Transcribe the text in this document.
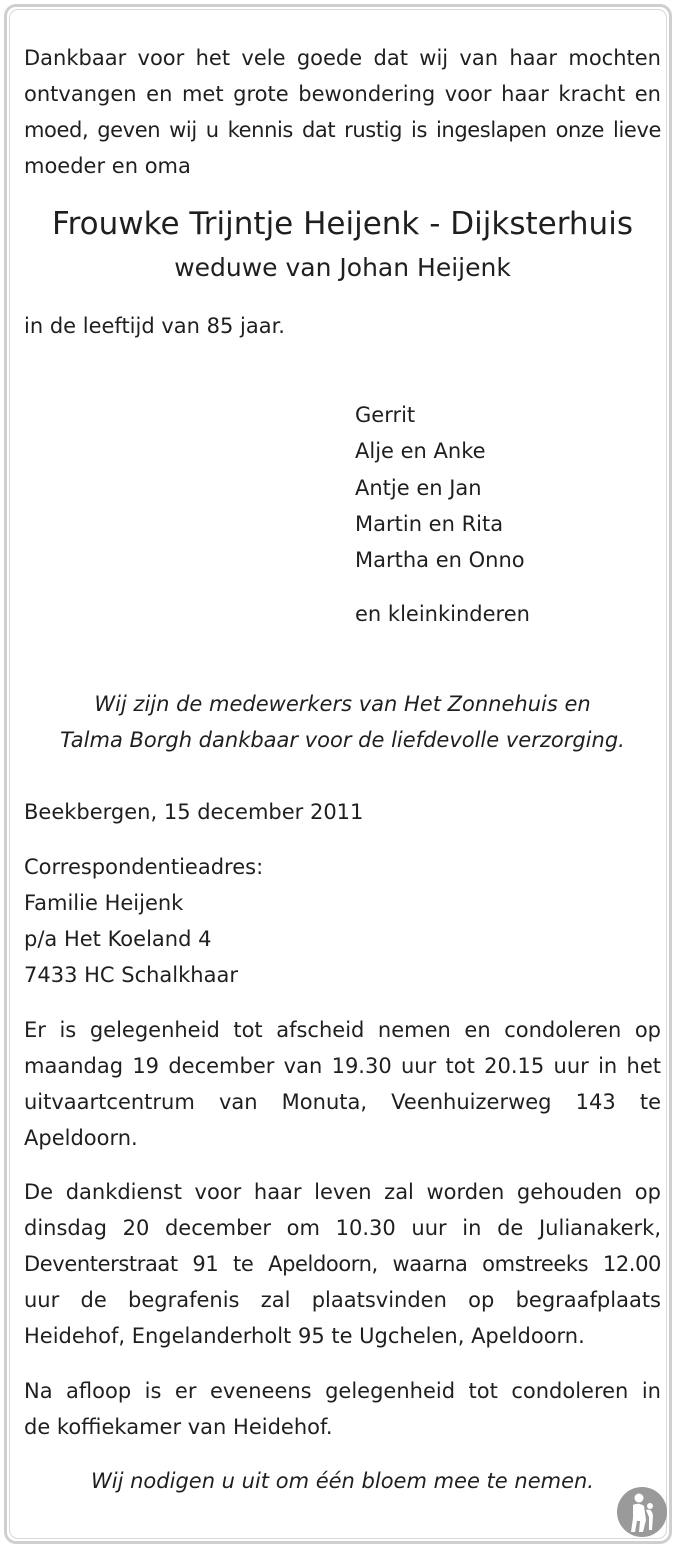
Dankbaar voor het vele goede dat wij van haar mochten
ontvangen en met grote bewondering voor haar kracht en
moed, geven wij u kennis dat rustig is ingeslapen onze lieve
moeder en oma

Frouwke Trijntje Heijenk - Dijksterhuis
weduwe van Johan Heijenk
in de leeftijd van 85 jaar.
Gerrit
Alje en Anke
Antje en Jan
Martin en Rita
Martha en Onno
en kleinkinderen

Wij zijn de medewerkers van Het Zonnehuis en
Talma Borgh dankbaar voor de liefdevolle verzorging.

Beekbergen, 15 december 2011

Correspondentieadres:
Familie Heijenk
p/a Het Koeland 4
7433 HC Schalkhaar

Er is gelegenheid tot afscheid nemen en condoleren op
maandag 19 december van 19.30 uur tot 20.15 uur in het
uitvaartcentrum van Monuta, Veenhuizerweg 143 te
Apeldoorn.

De dankdienst voor haar leven zal worden gehouden op
dinsdag 20 december om 10.30 uur in de Julianakerk,
Deventerstraat 91 te Apeldoorn, waarna omstreeks 12.00
uur de begrafenis zal plaatsvinden op begraafplaats
Heidehof, Engelanderholt 95 te Ugchelen, Apeldoorn.

Na afloop is er eveneens gelegenheid tot condoleren in
de koffiekamer van Heidehof.

Wij nodigen u uit om één bloem mee te nemen.
